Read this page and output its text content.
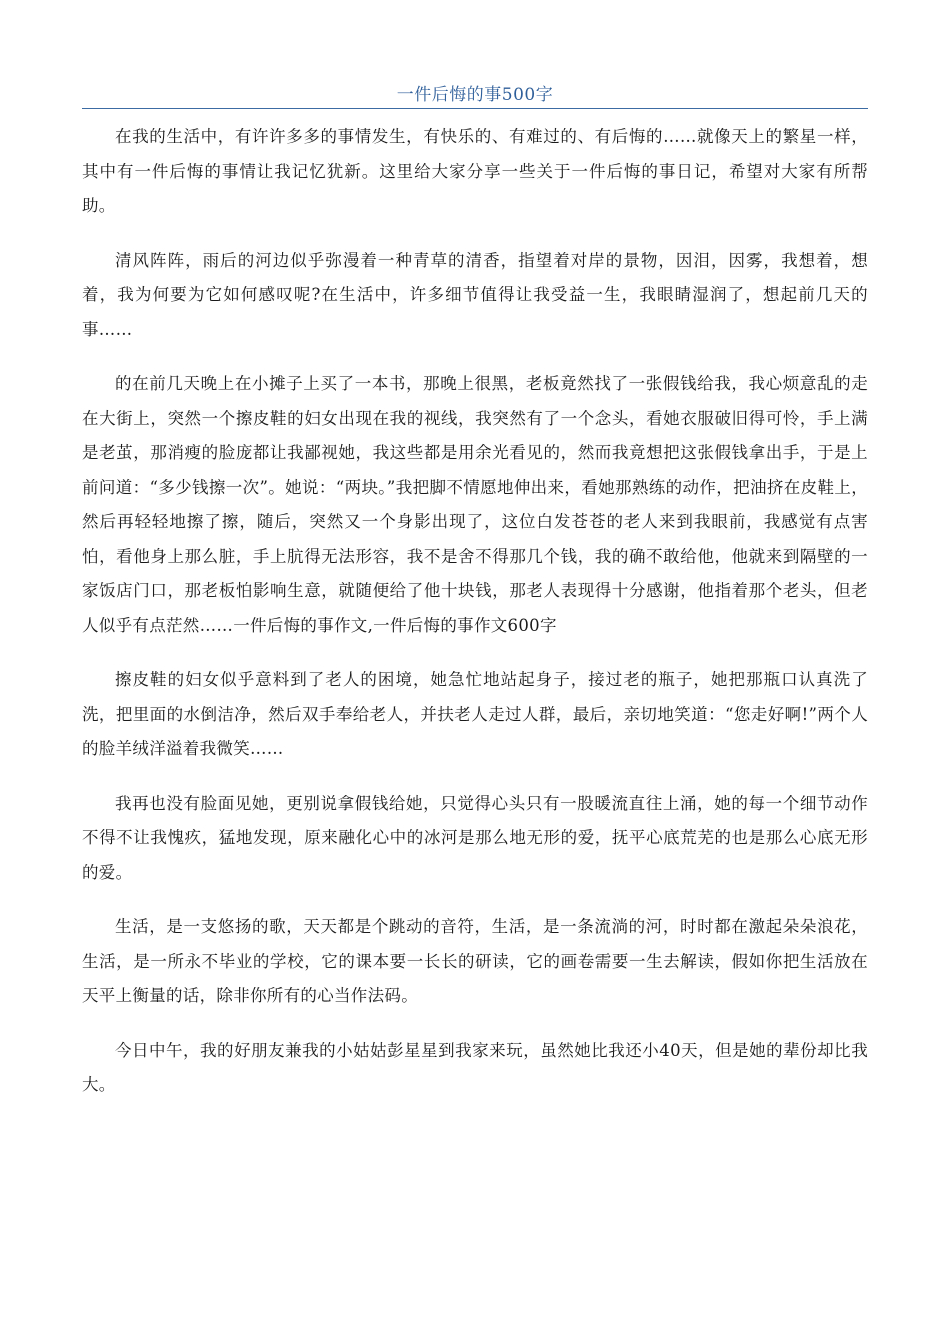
一件后悔的事500字

在我的生活中，有许许多多的事情发生，有快乐的、有难过的、有后悔的……就像天上的繁星一样，其中有一件后悔的事情让我记忆犹新。这里给大家分享一些关于一件后悔的事日记，希望对大家有所帮助。

清风阵阵，雨后的河边似乎弥漫着一种青草的清香，指望着对岸的景物，因泪，因雾，我想着，想着，我为何要为它如何感叹呢?在生活中，许多细节值得让我受益一生，我眼睛湿润了，想起前几天的事……

的在前几天晚上在小摊子上买了一本书，那晚上很黑，老板竟然找了一张假钱给我，我心烦意乱的走在大街上，突然一个擦皮鞋的妇女出现在我的视线，我突然有了一个念头，看她衣服破旧得可怜，手上满是老茧，那消瘦的脸庞都让我鄙视她，我这些都是用余光看见的，然而我竟想把这张假钱拿出手，于是上前问道：“多少钱擦一次”。她说：“两块。”我把脚不情愿地伸出来，看她那熟练的动作，把油挤在皮鞋上，然后再轻轻地擦了擦，随后，突然又一个身影出现了，这位白发苍苍的老人来到我眼前，我感觉有点害怕，看他身上那么脏，手上肮得无法形容，我不是舍不得那几个钱，我的确不敢给他，他就来到隔壁的一家饭店门口，那老板怕影响生意，就随便给了他十块钱，那老人表现得十分感谢，他指着那个老头，但老人似乎有点茫然……一件后悔的事作文,一件后悔的事作文600字

擦皮鞋的妇女似乎意料到了老人的困境，她急忙地站起身子，接过老的瓶子，她把那瓶口认真洗了洗，把里面的水倒洁净，然后双手奉给老人，并扶老人走过人群，最后，亲切地笑道：“您走好啊!”两个人的脸羊绒洋溢着我微笑……

我再也没有脸面见她，更别说拿假钱给她，只觉得心头只有一股暖流直往上涌，她的每一个细节动作不得不让我愧疚，猛地发现，原来融化心中的冰河是那么地无形的爱，抚平心底荒芜的也是那么心底无形的爱。

生活，是一支悠扬的歌，天天都是个跳动的音符，生活，是一条流淌的河，时时都在激起朵朵浪花，生活，是一所永不毕业的学校，它的课本要一长长的研读，它的画卷需要一生去解读，假如你把生活放在天平上衡量的话，除非你所有的心当作法码。

今日中午，我的好朋友兼我的小姑姑彭星星到我家来玩，虽然她比我还小40天，但是她的辈份却比我大。
